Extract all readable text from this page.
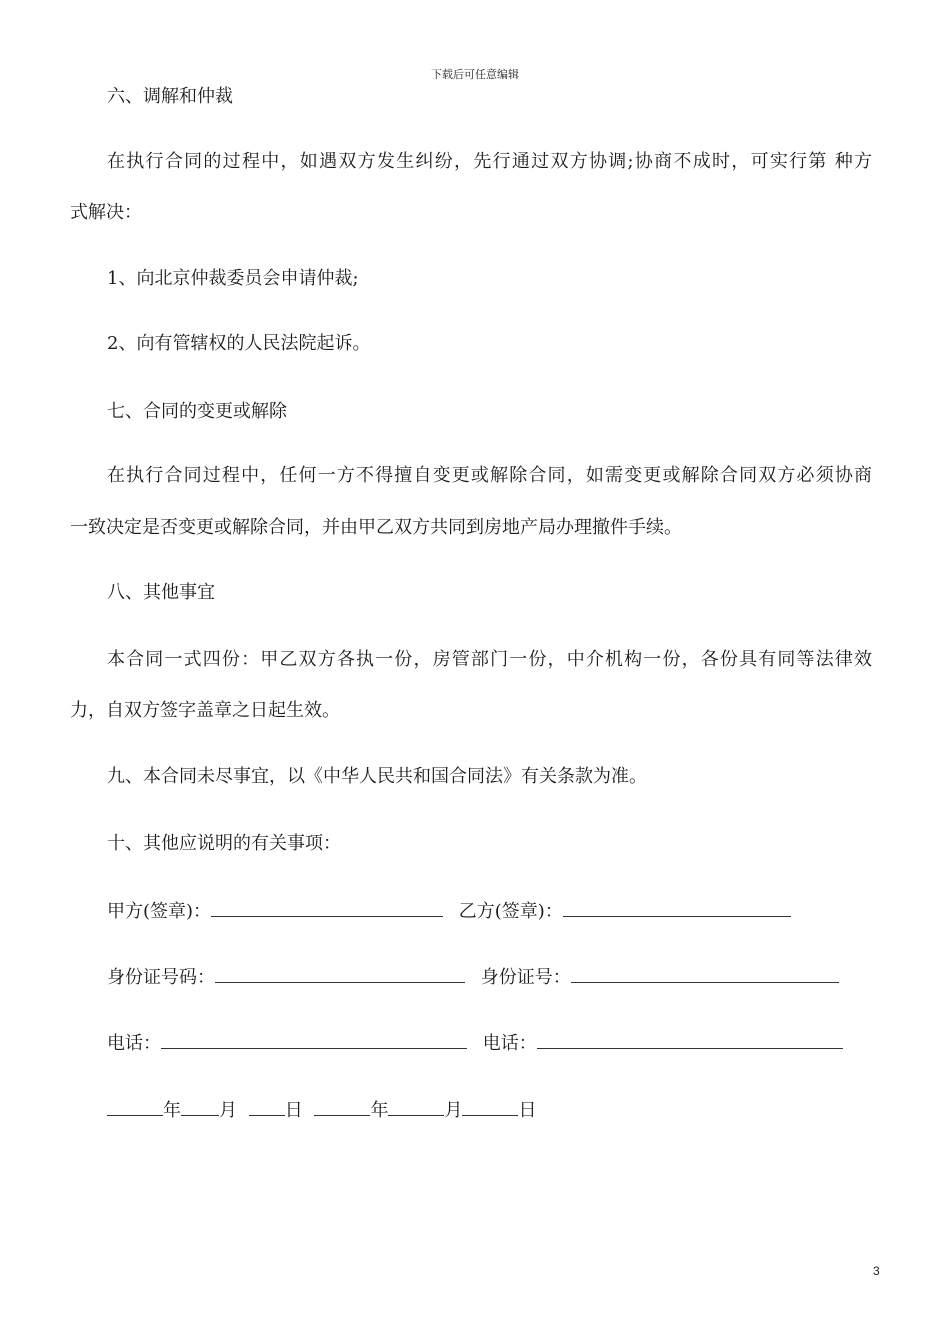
下载后可任意编辑
六、调解和仲裁
在执行合同的过程中，如遇双方发生纠纷，先行通过双方协调;协商不成时，可实行第 种方
式解决：
1、向北京仲裁委员会申请仲裁;
2、向有管辖权的人民法院起诉。
七、合同的变更或解除
在执行合同过程中，任何一方不得擅自变更或解除合同，如需变更或解除合同双方必须协商
一致决定是否变更或解除合同，并由甲乙双方共同到房地产局办理撤件手续。
八、其他事宜
本合同一式四份：甲乙双方各执一份，房管部门一份，中介机构一份，各份具有同等法律效
力，自双方签字盖章之日起生效。
九、本合同未尽事宜，以《中华人民共和国合同法》有关条款为准。
十、其他应说明的有关事项：
甲方(签章)：	乙方(签章)：
身份证号码：	身份证号：
电话：	电话：
年 月	日	年	月	日
3
